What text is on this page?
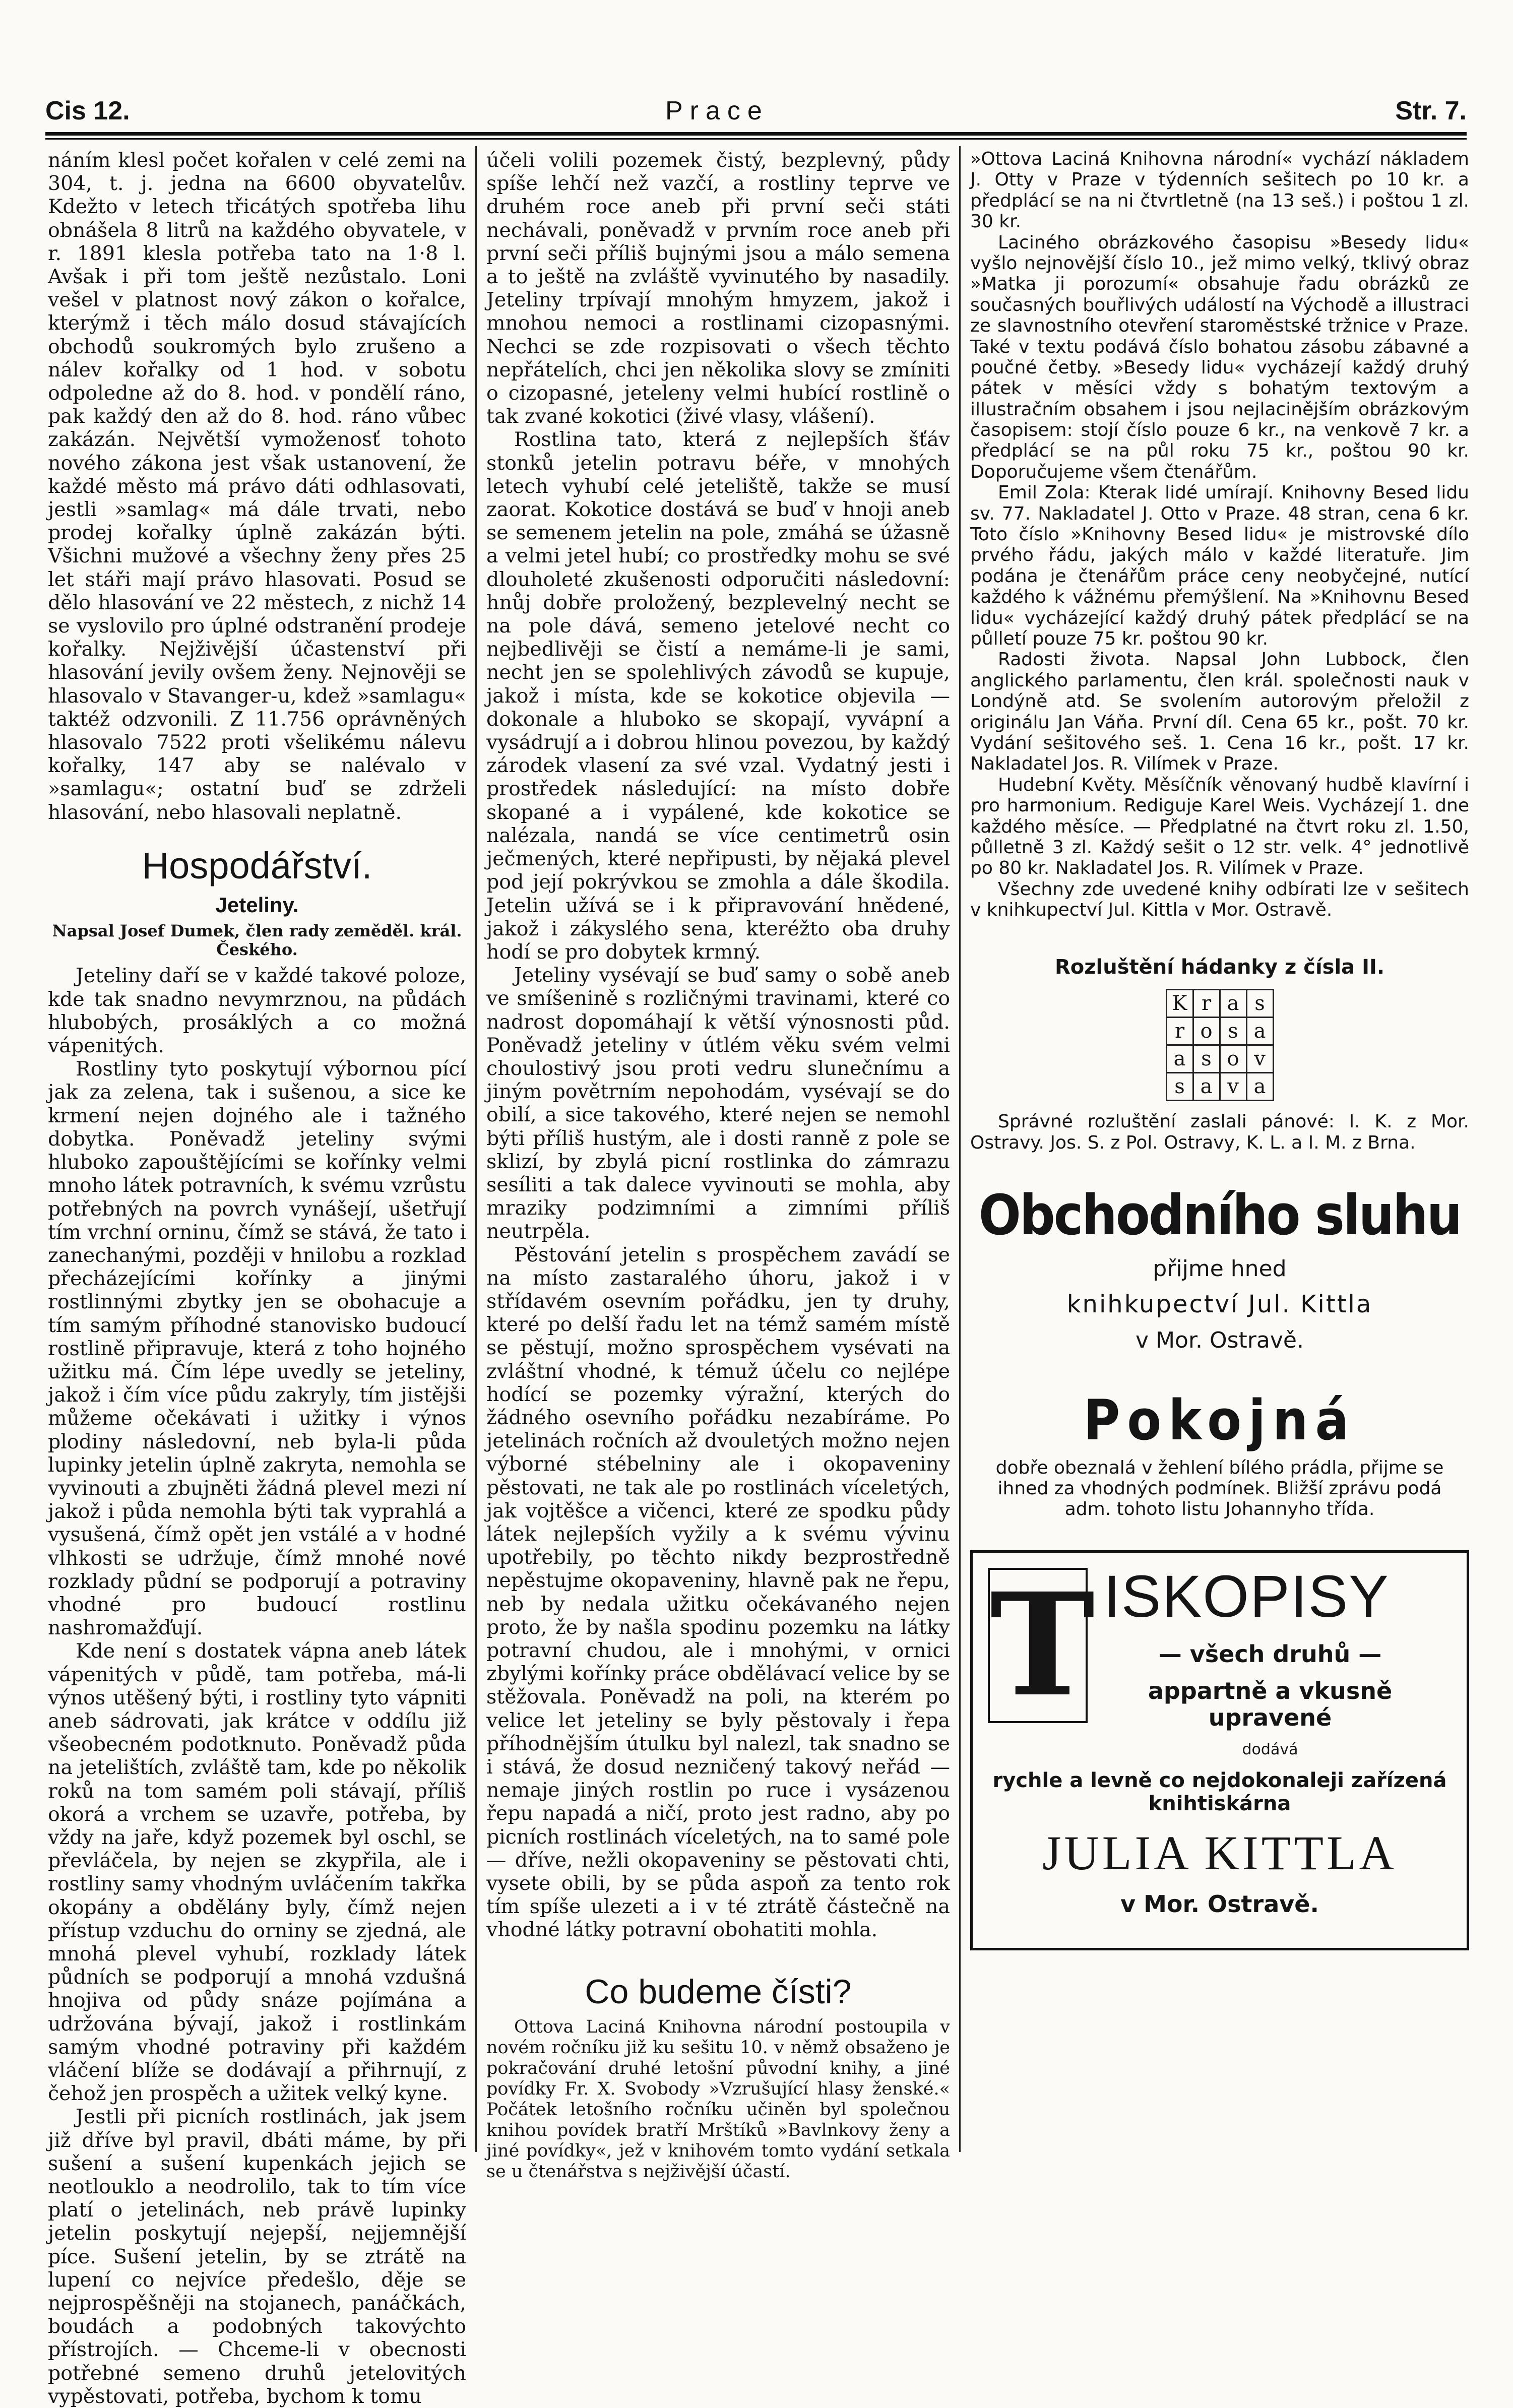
Cis 12.	Prace	Str. 7.

náním klesl počet kořalen v celé zemi na 304, t. j. jedna na 6600 obyvatelův. Kdežto v letech třicátých spotřeba lihu obnášela 8 litrů na každého obyvatele, v r. 1891 klesla potřeba tato na 1·8 l. Avšak i při tom ještě nezůstalo. Loni vešel v platnost nový zákon o kořalce, kterýmž i těch málo dosud stávajících obchodů soukromých bylo zrušeno a nálev kořalky od 1 hod. v sobotu odpoledne až do 8. hod. v pondělí ráno, pak každý den až do 8. hod. ráno vůbec zakázán. Největší vymoženosť tohoto nového zákona jest však ustanovení, že každé město má právo dáti odhlasovati, jestli »samlag« má dále trvati, nebo prodej kořalky úplně zakázán býti. Všichni mužové a všechny ženy přes 25 let stáři mají právo hlasovati. Posud se dělo hlasování ve 22 městech, z nichž 14 se vyslovilo pro úplné odstranění prodeje kořalky. Nejživější účastenství při hlasování jevily ovšem ženy. Nejnověji se hlasovalo v Stavanger-u, kdež »samlagu« taktéž odzvonili. Z 11.756 oprávněných hlasovalo 7522 proti všelikému nálevu kořalky, 147 aby se nalévalo v »samlagu«; ostatní buď se zdrželi hlasování, nebo hlasovali neplatně.

Hospodářství.
Jeteliny.
Napsal Josef Dumek, člen rady zeměděl. král. Českého.

Jeteliny daří se v každé takové poloze, kde tak snadno nevymrznou, na půdách hlubobých, prosáklých a co možná vápenitých.

Rostliny tyto poskytují výbornou pící jak za zelena, tak i sušenou, a sice ke krmení nejen dojného ale i tažného dobytka. Poněvadž jeteliny svými hluboko zapouštějícími se kořínky velmi mnoho látek potravních, k svému vzrůstu potřebných na povrch vynášejí, ušetřují tím vrchní orninu, čímž se stává, že tato i zanechanými, později v hnilobu a rozklad přecházejícími kořínky a jinými rostlinnými zbytky jen se obohacuje a tím samým příhodné stanovisko budoucí rostlině připravuje, která z toho hojného užitku má. Čím lépe uvedly se jeteliny, jakož i čím více půdu zakryly, tím jistějši můžeme očekávati i užitky i výnos plodiny následovní, neb byla-li půda lupinky jetelin úplně zakryta, nemohla se vyvinouti a zbujněti žádná plevel mezi ní jakož i půda nemohla býti tak vyprahlá a vysušená, čímž opět jen vstálé a v hodné vlhkosti se udržuje, čímž mnohé nové rozklady půdní se podporují a potraviny vhodné pro budoucí rostlinu nashromažďují.

Kde není s dostatek vápna aneb látek vápenitých v půdě, tam potřeba, má-li výnos utěšený býti, i rostliny tyto vápniti aneb sádrovati, jak krátce v oddílu již všeobecném podotknuto. Poněvadž půda na jetelištích, zvláště tam, kde po několik roků na tom samém poli stávají, příliš okorá a vrchem se uzavře, potřeba, by vždy na jaře, když pozemek byl oschl, se převláčela, by nejen se zkypřila, ale i rostliny samy vhodným uvláčením takřka okopány a obdělány byly, čímž nejen přístup vzduchu do orniny se zjedná, ale mnohá plevel vyhubí, rozklady látek půdních se podporují a mnohá vzdušná hnojiva od půdy snáze pojímána a udržována bývají, jakož i rostlinkám samým vhodné potraviny při každém vláčení blíže se dodávají a přihrnují, z čehož jen prospěch a užitek velký kyne.

Jestli při picních rostlinách, jak jsem již dříve byl pravil, dbáti máme, by při sušení a sušení kupenkách jejich se neotlouklo a neodrolilo, tak to tím více platí o jetelinách, neb právě lupinky jetelin poskytují nejepší, nejjemnější píce. Sušení jetelin, by se ztrátě na lupení co nejvíce předešlo, děje se nejprospěšněji na stojanech, panáčkách, boudách a podobných takovýchto přístrojích. — Chceme-li v obecnosti potřebné semeno druhů jetelovitých vypěstovati, potřeba, bychom k tomu

účeli volili pozemek čistý, bezplevný, půdy spíše lehčí než vazčí, a rostliny teprve ve druhém roce aneb při první seči státi nechávali, poněvadž v prvním roce aneb při první seči příliš bujnými jsou a málo semena a to ještě na zvláště vyvinutého by nasadily. Jeteliny trpívají mnohým hmyzem, jakož i mnohou nemoci a rostlinami cizopasnými. Nechci se zde rozpisovati o všech těchto nepřátelích, chci jen několika slovy se zmíniti o cizopasné, jeteleny velmi hubící rostlině o tak zvané kokotici (živé vlasy, vlášení).

Rostlina tato, která z nejlepších šťáv stonků jetelin potravu béře, v mnohých letech vyhubí celé jeteliště, takže se musí zaorat. Kokotice dostává se buď v hnoji aneb se semenem jetelin na pole, zmáhá se úžasně a velmi jetel hubí; co prostředky mohu se své dlouholeté zkušenosti odporučiti následovní: hnůj dobře proložený, bezplevelný necht se na pole dává, semeno jetelové necht co nejbedlivěji se čistí a nemáme-li je sami, necht jen se spolehlivých závodů se kupuje, jakož i místa, kde se kokotice objevila — dokonale a hluboko se skopají, vyvápní a vysádrují a i dobrou hlinou povezou, by každý zárodek vlasení za své vzal. Vydatný jesti i prostředek následující: na místo dobře skopané a i vypálené, kde kokotice se nalézala, nandá se více centimetrů osin ječmených, které nepřipusti, by nějaká plevel pod její pokrývkou se zmohla a dále škodila. Jetelin užívá se i k připravování hnědené, jakož i zákyslého sena, kteréžto oba druhy hodí se pro dobytek krmný.

Jeteliny vysévají se buď samy o sobě aneb ve smíšenině s rozličnými travinami, které co nadrost dopomáhají k větší výnosnosti půd. Poněvadž jeteliny v útlém věku svém velmi choulostivý jsou proti vedru slunečnímu a jiným povětrním nepohodám, vysévají se do obilí, a sice takového, které nejen se nemohl býti příliš hustým, ale i dosti ranně z pole se sklizí, by zbylá picní rostlinka do zámrazu sesíliti a tak dalece vyvinouti se mohla, aby mraziky podzimními a zimními příliš neutrpěla.

Pěstování jetelin s prospěchem zavádí se na místo zastaralého úhoru, jakož i v střídavém osevním pořádku, jen ty druhy, které po delší řadu let na témž samém místě se pěstují, možno sprospěchem vysévati na zvláštní vhodné, k témuž účelu co nejlépe hodící se pozemky výražní, kterých do žádného osevního pořádku nezabíráme. Po jetelinách ročních až dvouletých možno nejen výborné stébelniny ale i okopaveniny pěstovati, ne tak ale po rostlinách víceletých, jak vojtěšce a vičenci, které ze spodku půdy látek nejlepších vyžily a k svému vývinu upotřebily, po těchto nikdy bezprostředně nepěstujme okopaveniny, hlavně pak ne řepu, neb by nedala užitku očekávaného nejen proto, že by našla spodinu pozemku na látky potravní chudou, ale i mnohými, v ornici zbylými kořínky práce obdělávací velice by se stěžovala. Poněvadž na poli, na kterém po velice let jeteliny se byly pěstovaly i řepa příhodnějším útulku byl nalezl, tak snadno se i stává, že dosud nezničený takový neřád — nemaje jiných rostlin po ruce i vysázenou řepu napadá a ničí, proto jest radno, aby po picních rostlinách víceletých, na to samé pole — dříve, nežli okopaveniny se pěstovati chti, vysete obili, by se půda aspoň za tento rok tím spíše ulezeti a i v té ztrátě částečně na vhodné látky potravní obohatiti mohla.

Co budeme čísti?

Ottova Laciná Knihovna národní postoupila v novém ročníku již ku sešitu 10. v němž obsaženo je pokračování druhé letošní původní knihy, a jiné povídky Fr. X. Svobody »Vzrušující hlasy ženské.« Počátek letošního ročníku učiněn byl společnou knihou povídek bratří Mrštíků »Bavlnkovy ženy a jiné povídky«, jež v knihovém tomto vydání setkala se u čtenářstva s nejživější účastí.

»Ottova Laciná Knihovna národní« vychází nákladem J. Otty v Praze v týdenních sešitech po 10 kr. a předplácí se na ni čtvrtletně (na 13 seš.) i poštou 1 zl. 30 kr.

Laciného obrázkového časopisu »Besedy lidu« vyšlo nejnovější číslo 10., jež mimo velký, tklivý obraz »Matka ji porozumí« obsahuje řadu obrázků ze současných bouřlivých událostí na Východě a illustraci ze slavnostního otevření staroměstské tržnice v Praze. Také v textu podává číslo bohatou zásobu zábavné a poučné četby. »Besedy lidu« vycházejí každý druhý pátek v měsíci vždy s bohatým textovým a illustračním obsahem i jsou nejlacinějším obrázkovým časopisem: stojí číslo pouze 6 kr., na venkově 7 kr. a předplácí se na půl roku 75 kr., poštou 90 kr. Doporučujeme všem čtenářům.

Emil Zola: Kterak lidé umírají. Knihovny Besed lidu sv. 77. Nakladatel J. Otto v Praze. 48 stran, cena 6 kr. Toto číslo »Knihovny Besed lidu« je mistrovské dílo prvého řádu, jakých málo v každé literatuře. Jim podána je čtenářům práce ceny neobyčejné, nutící každého k vážnému přemýšlení. Na »Knihovnu Besed lidu« vycházející každý druhý pátek předplácí se na půlletí pouze 75 kr. poštou 90 kr.

Radosti života. Napsal John Lubbock, člen anglického parlamentu, člen král. společnosti nauk v Londýně atd. Se svolením autorovým přeložil z originálu Jan Váňa. První díl. Cena 65 kr., pošt. 70 kr. Vydání sešitového seš. 1. Cena 16 kr., pošt. 17 kr. Nakladatel Jos. R. Vilímek v Praze.

Hudební Květy. Měsíčník věnovaný hudbě klavírní i pro harmonium. Rediguje Karel Weis. Vycházejí 1. dne každého měsíce. — Předplatné na čtvrt roku zl. 1.50, půlletně 3 zl. Každý sešit o 12 str. velk. 4° jednotlivě po 80 kr. Nakladatel Jos. R. Vilímek v Praze.

Všechny zde uvedené knihy odbírati lze v sešitech v knihkupectví Jul. Kittla v Mor. Ostravě.

Rozluštění hádanky z čísla II.
K	r	a	s
r	o	s	a
a	s	o	v
s	a	v	a

Správné rozluštění zaslali pánové: I. K. z Mor. Ostravy. Jos. S. z Pol. Ostravy, K. L. a I. M. z Brna.

Obchodního sluhu
přijme hned
knihkupectví Jul. Kittla
v Mor. Ostravě.
Pokojná

dobře obeznalá v žehlení bílého prádla, přijme se ihned za vhodných podmínek. Bližší zprávu podá adm. tohoto listu Johannyho třída.

T ISKOPISY
— všech druhů —
appartně a vkusně upravené
dodává
rychle a levně co nejdokonaleji zařízená knihtiskárna
JULIA KITTLA
v Mor. Ostravě.
